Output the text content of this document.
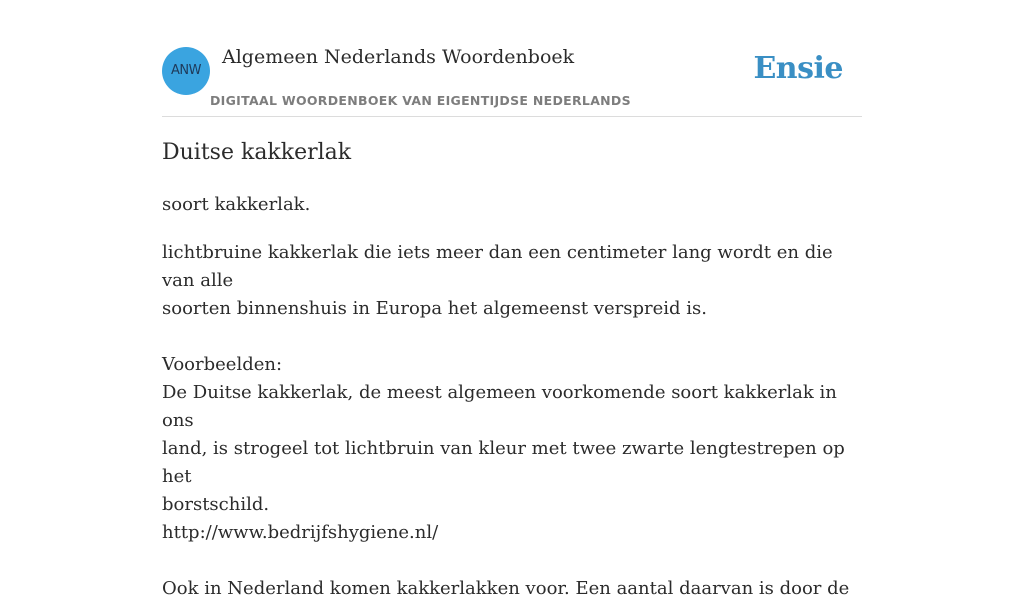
ANW
Algemeen Nederlands Woordenboek
DIGITAAL WOORDENBOEK VAN EIGENTIJDSE NEDERLANDS
Ensie
Duitse kakkerlak
soort kakkerlak.

lichtbruine kakkerlak die iets meer dan een centimeter lang wordt en die van alle

soorten binnenshuis in Europa het algemeenst verspreid is.

Voorbeelden:

De Duitse kakkerlak, de meest algemeen voorkomende soort kakkerlak in ons

land, is strogeel tot lichtbruin van kleur met twee zwarte lengtestrepen op het

borstschild.

http://www.bedrijfshygiene.nl/

Ook in Nederland komen kakkerlakken voor. Een aantal daarvan is door de
